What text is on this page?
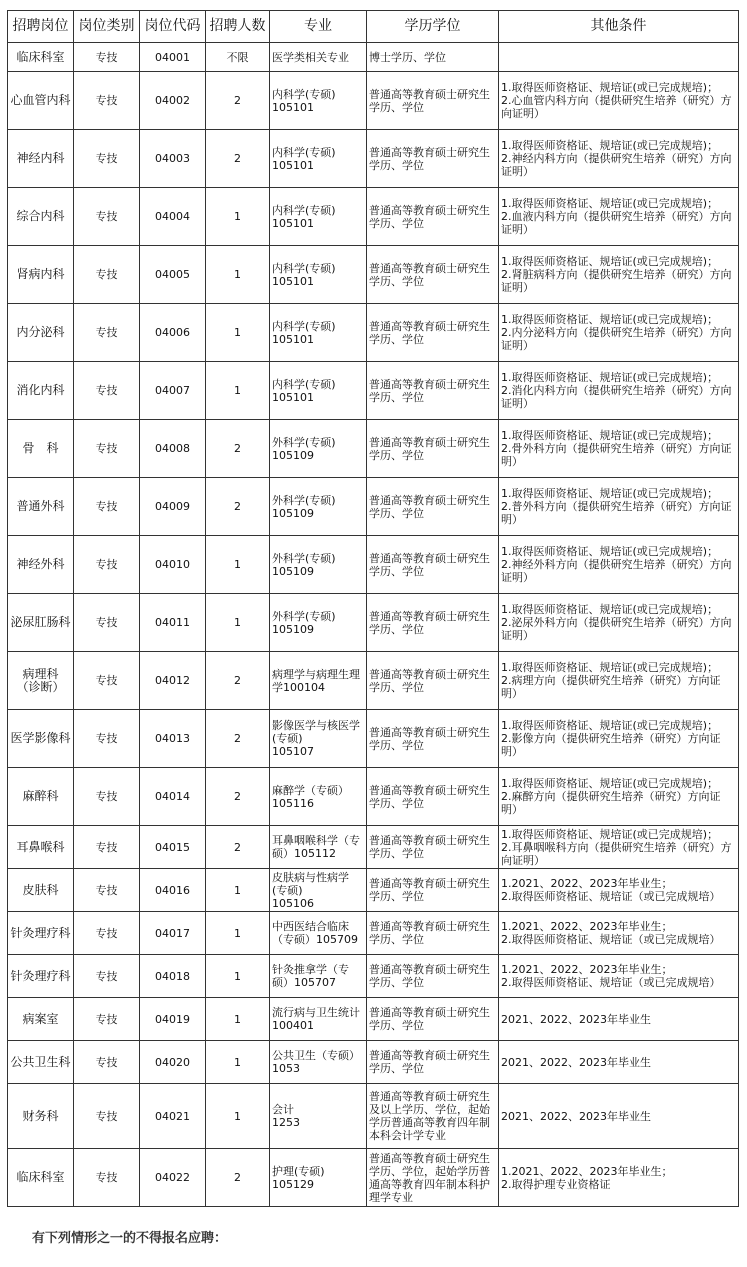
招聘岗位	岗位类别	岗位代码	招聘人数	专业	学历学位	其他条件
临床科室	专技	04001	不限	医学类相关专业	博士学历、学位	
心血管内科	专技	04002	2	内科学(专硕)
105101	普通高等教育硕士研究生学历、学位	1.取得医师资格证、规培证(或已完成规培)；
2.心血管内科方向（提供研究生培养（研究）方向证明）
神经内科	专技	04003	2	内科学(专硕)
105101	普通高等教育硕士研究生学历、学位	1.取得医师资格证、规培证(或已完成规培)；
2.神经内科方向（提供研究生培养（研究）方向证明）
综合内科	专技	04004	1	内科学(专硕)
105101	普通高等教育硕士研究生学历、学位	1.取得医师资格证、规培证(或已完成规培)；
2.血液内科方向（提供研究生培养（研究）方向证明）
肾病内科	专技	04005	1	内科学(专硕)
105101	普通高等教育硕士研究生学历、学位	1.取得医师资格证、规培证(或已完成规培)；
2.肾脏病科方向（提供研究生培养（研究）方向证明）
内分泌科	专技	04006	1	内科学(专硕)
105101	普通高等教育硕士研究生学历、学位	1.取得医师资格证、规培证(或已完成规培)；
2.内分泌科方向（提供研究生培养（研究）方向证明）
消化内科	专技	04007	1	内科学(专硕)
105101	普通高等教育硕士研究生学历、学位	1.取得医师资格证、规培证(或已完成规培)；
2.消化内科方向（提供研究生培养（研究）方向证明）
骨　科	专技	04008	2	外科学(专硕)
105109	普通高等教育硕士研究生学历、学位	1.取得医师资格证、规培证(或已完成规培)；
2.骨外科方向（提供研究生培养（研究）方向证明）
普通外科	专技	04009	2	外科学(专硕)
105109	普通高等教育硕士研究生学历、学位	1.取得医师资格证、规培证(或已完成规培)；
2.普外科方向（提供研究生培养（研究）方向证明）
神经外科	专技	04010	1	外科学(专硕)
105109	普通高等教育硕士研究生学历、学位	1.取得医师资格证、规培证(或已完成规培)；
2.神经外科方向（提供研究生培养（研究）方向证明）
泌尿肛肠科	专技	04011	1	外科学(专硕)
105109	普通高等教育硕士研究生学历、学位	1.取得医师资格证、规培证(或已完成规培)；
2.泌尿外科方向（提供研究生培养（研究）方向证明）
病理科
（诊断）	专技	04012	2	病理学与病理生理学100104	普通高等教育硕士研究生学历、学位	1.取得医师资格证、规培证(或已完成规培)；
2.病理方向（提供研究生培养（研究）方向证明）
医学影像科	专技	04013	2	影像医学与核医学(专硕)
105107	普通高等教育硕士研究生学历、学位	1.取得医师资格证、规培证(或已完成规培)；
2.影像方向（提供研究生培养（研究）方向证明）
麻醉科	专技	04014	2	麻醉学（专硕）
105116	普通高等教育硕士研究生学历、学位	1.取得医师资格证、规培证(或已完成规培)；
2.麻醉方向（提供研究生培养（研究）方向证明）
耳鼻喉科	专技	04015	2	耳鼻咽喉科学（专硕）105112	普通高等教育硕士研究生学历、学位	1.取得医师资格证、规培证(或已完成规培)；
2.耳鼻咽喉科方向（提供研究生培养（研究）方向证明）
皮肤科	专技	04016	1	皮肤病与性病学(专硕)
105106	普通高等教育硕士研究生学历、学位	1.2021、2022、2023年毕业生；
2.取得医师资格证、规培证（或已完成规培）
针灸理疗科	专技	04017	1	中西医结合临床（专硕）105709	普通高等教育硕士研究生学历、学位	1.2021、2022、2023年毕业生；
2.取得医师资格证、规培证（或已完成规培）
针灸理疗科	专技	04018	1	针灸推拿学（专硕）105707	普通高等教育硕士研究生学历、学位	1.2021、2022、2023年毕业生；
2.取得医师资格证、规培证（或已完成规培）
病案室	专技	04019	1	流行病与卫生统计 100401	普通高等教育硕士研究生学历、学位	2021、2022、2023年毕业生
公共卫生科	专技	04020	1	公共卫生（专硕）
1053	普通高等教育硕士研究生学历、学位	2021、2022、2023年毕业生
财务科	专技	04021	1	会计
1253	普通高等教育硕士研究生及以上学历、学位，起始学历普通高等教育四年制本科会计学专业	2021、2022、2023年毕业生
临床科室	专技	04022	2	护理(专硕)
105129	普通高等教育硕士研究生学历、学位，起始学历普通高等教育四年制本科护理学专业	1.2021、2022、2023年毕业生；
2.取得护理专业资格证
有下列情形之一的不得报名应聘：
